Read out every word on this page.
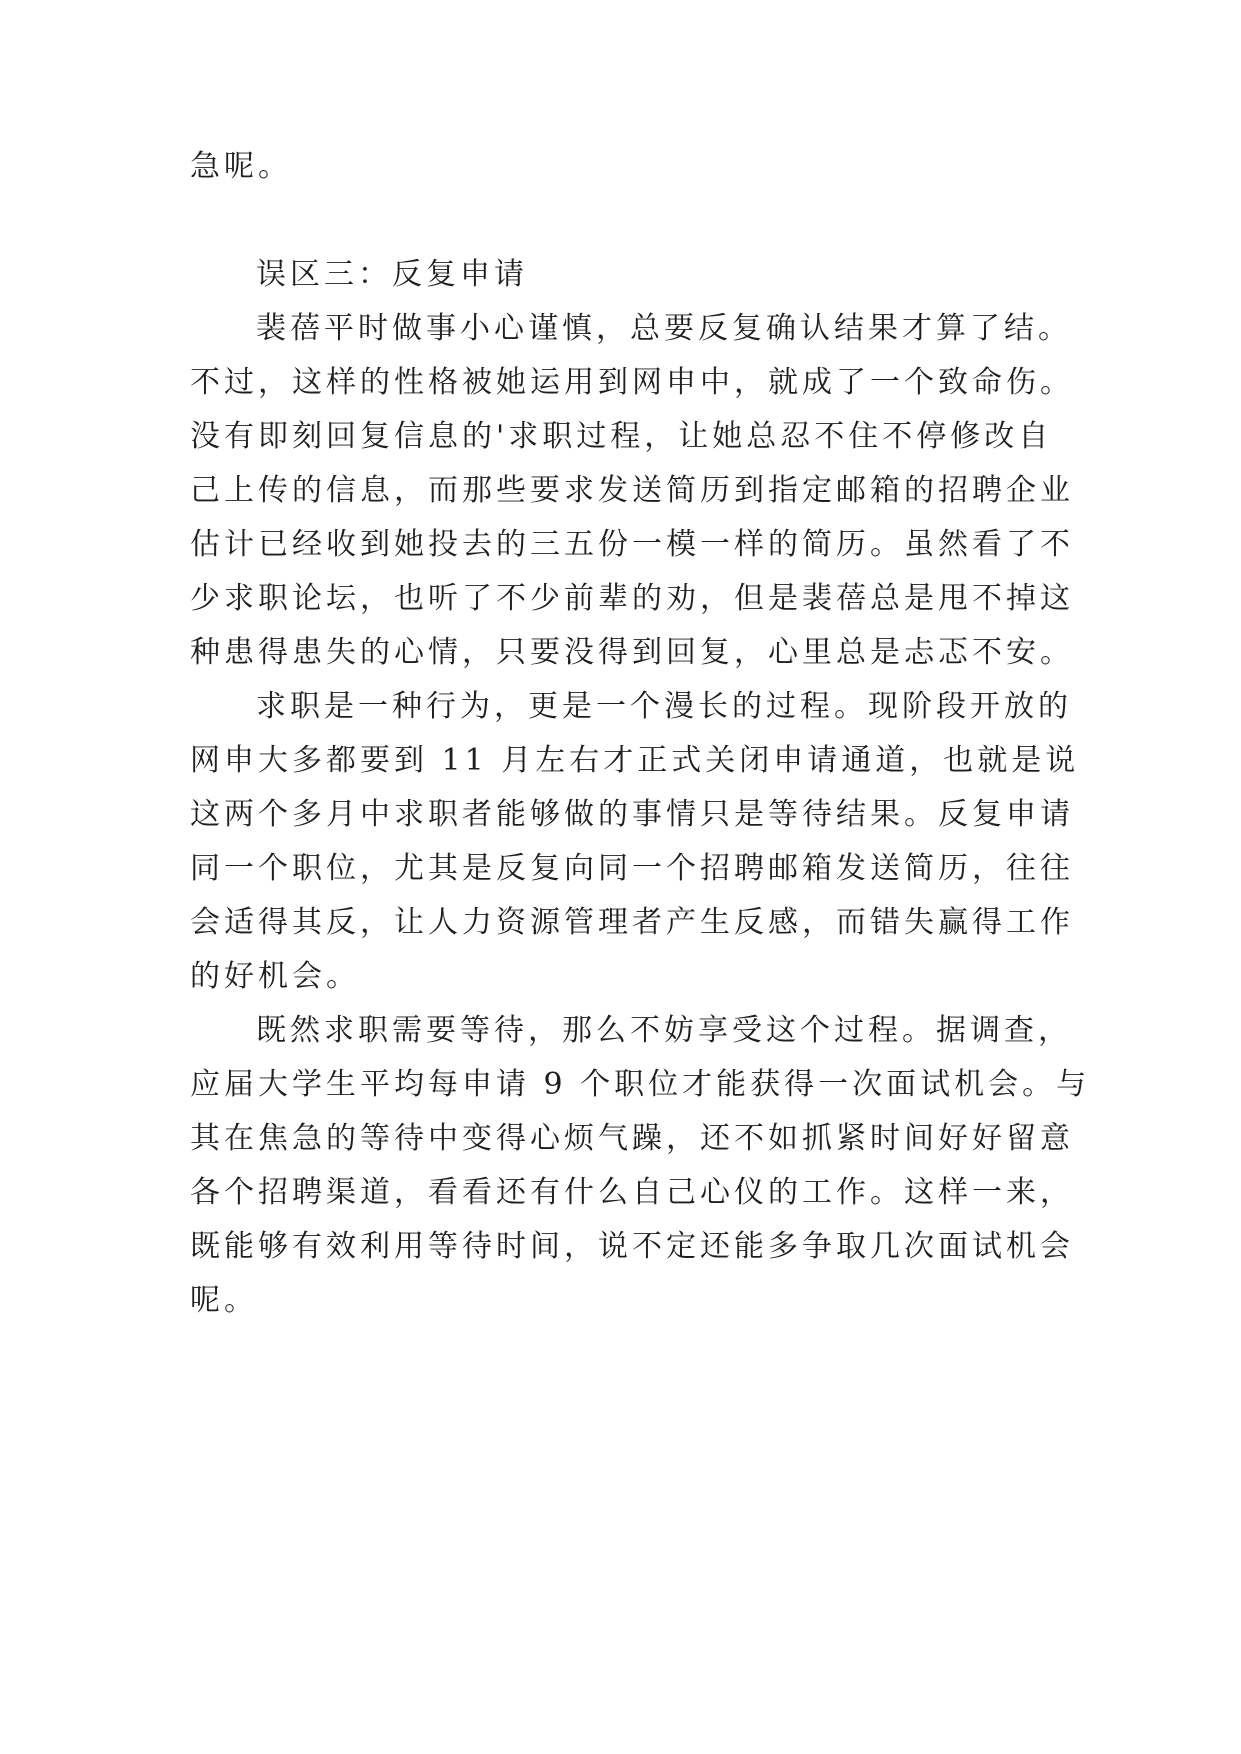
急呢。
误区三：反复申请
裴蓓平时做事小心谨慎，总要反复确认结果才算了结。
不过，这样的性格被她运用到网申中，就成了一个致命伤。
没有即刻回复信息的'求职过程，让她总忍不住不停修改自
己上传的信息，而那些要求发送简历到指定邮箱的招聘企业
估计已经收到她投去的三五份一模一样的简历。虽然看了不
少求职论坛，也听了不少前辈的劝，但是裴蓓总是甩不掉这
种患得患失的心情，只要没得到回复，心里总是忐忑不安。
求职是一种行为，更是一个漫长的过程。现阶段开放的
网申大多都要到 11 月左右才正式关闭申请通道，也就是说
这两个多月中求职者能够做的事情只是等待结果。反复申请
同一个职位，尤其是反复向同一个招聘邮箱发送简历，往往
会适得其反，让人力资源管理者产生反感，而错失赢得工作
的好机会。
既然求职需要等待，那么不妨享受这个过程。据调查，
应届大学生平均每申请 9 个职位才能获得一次面试机会。与
其在焦急的等待中变得心烦气躁，还不如抓紧时间好好留意
各个招聘渠道，看看还有什么自己心仪的工作。这样一来，
既能够有效利用等待时间，说不定还能多争取几次面试机会
呢。
